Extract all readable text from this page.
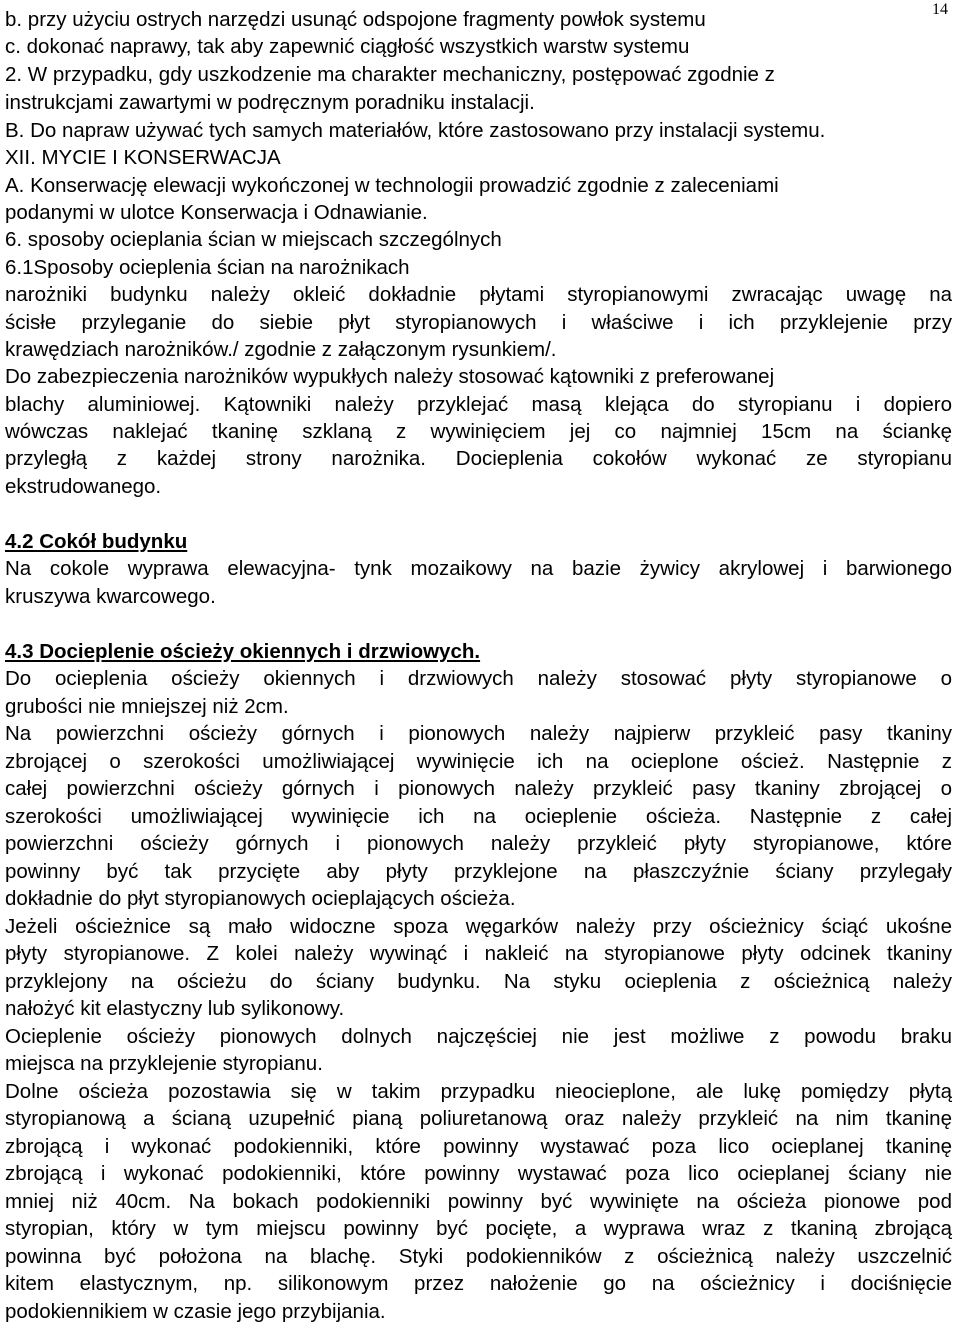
14
b. przy użyciu ostrych narzędzi usunąć odspojone fragmenty powłok systemu
c. dokonać naprawy, tak aby zapewnić ciągłość wszystkich warstw systemu
2. W przypadku, gdy uszkodzenie ma charakter mechaniczny, postępować zgodnie z
instrukcjami zawartymi w podręcznym poradniku instalacji.
B. Do napraw używać tych samych materiałów, które zastosowano przy instalacji systemu.
XII. MYCIE I KONSERWACJA
A. Konserwację elewacji wykończonej w technologii prowadzić zgodnie z zaleceniami
podanymi w ulotce Konserwacja i Odnawianie.
6. sposoby ocieplania ścian w miejscach szczególnych
6.1Sposoby ocieplenia ścian na narożnikach
narożniki budynku należy okleić dokładnie płytami styropianowymi zwracając uwagę na
ścisłe przyleganie do siebie płyt styropianowych i właściwe i ich przyklejenie przy
krawędziach narożników./ zgodnie z załączonym rysunkiem/.
Do zabezpieczenia narożników wypukłych należy stosować kątowniki z preferowanej
blachy aluminiowej. Kątowniki należy przyklejać masą klejąca do styropianu i dopiero
wówczas naklejać tkaninę szklaną z wywinięciem jej co najmniej 15cm na ściankę
przyległą z każdej strony narożnika. Docieplenia cokołów wykonać ze styropianu
ekstrudowanego.
4.2 Cokół budynku
Na cokole wyprawa elewacyjna- tynk mozaikowy na bazie żywicy akrylowej i barwionego
kruszywa kwarcowego.
4.3 Docieplenie ościeży okiennych i drzwiowych.
Do ocieplenia ościeży okiennych i drzwiowych należy stosować płyty styropianowe o
grubości nie mniejszej niż 2cm.
Na powierzchni ościeży górnych i pionowych należy najpierw przykleić pasy tkaniny
zbrojącej o szerokości umożliwiającej wywinięcie ich na ocieplone oścież. Następnie z
całej powierzchni ościeży górnych i pionowych należy przykleić pasy tkaniny zbrojącej o
szerokości umożliwiającej wywinięcie ich na ocieplenie ościeża. Następnie z całej
powierzchni ościeży górnych i pionowych należy przykleić płyty styropianowe, które
powinny być tak przycięte aby płyty przyklejone na płaszczyźnie ściany przylegały
dokładnie do płyt styropianowych ocieplających ościeża.
Jeżeli ościeżnice są mało widoczne spoza węgarków należy przy ościeżnicy ściąć ukośne
płyty styropianowe. Z kolei należy wywinąć i nakleić na styropianowe płyty odcinek tkaniny
przyklejony na ościeżu do ściany budynku. Na styku ocieplenia z ościeżnicą należy
nałożyć kit elastyczny lub sylikonowy.
Ocieplenie ościeży pionowych dolnych najczęściej nie jest możliwe z powodu braku
miejsca na przyklejenie styropianu.
Dolne ościeża pozostawia się w takim przypadku nieocieplone, ale lukę pomiędzy płytą
styropianową a ścianą uzupełnić pianą poliuretanową oraz należy przykleić na nim tkaninę
zbrojącą i wykonać podokienniki, które powinny wystawać poza lico ocieplanej tkaninę
zbrojącą i wykonać podokienniki, które powinny wystawać poza lico ocieplanej ściany nie
mniej niż 40cm. Na bokach podokienniki powinny być wywinięte na ościeża pionowe pod
styropian, który w tym miejscu powinny być pocięte, a wyprawa wraz z tkaniną zbrojącą
powinna być położona na blachę. Styki podokienników z ościeżnicą należy uszczelnić
kitem elastycznym, np. silikonowym przez nałożenie go na ościeżnicy i dociśnięcie
podokiennikiem w czasie jego przybijania.
